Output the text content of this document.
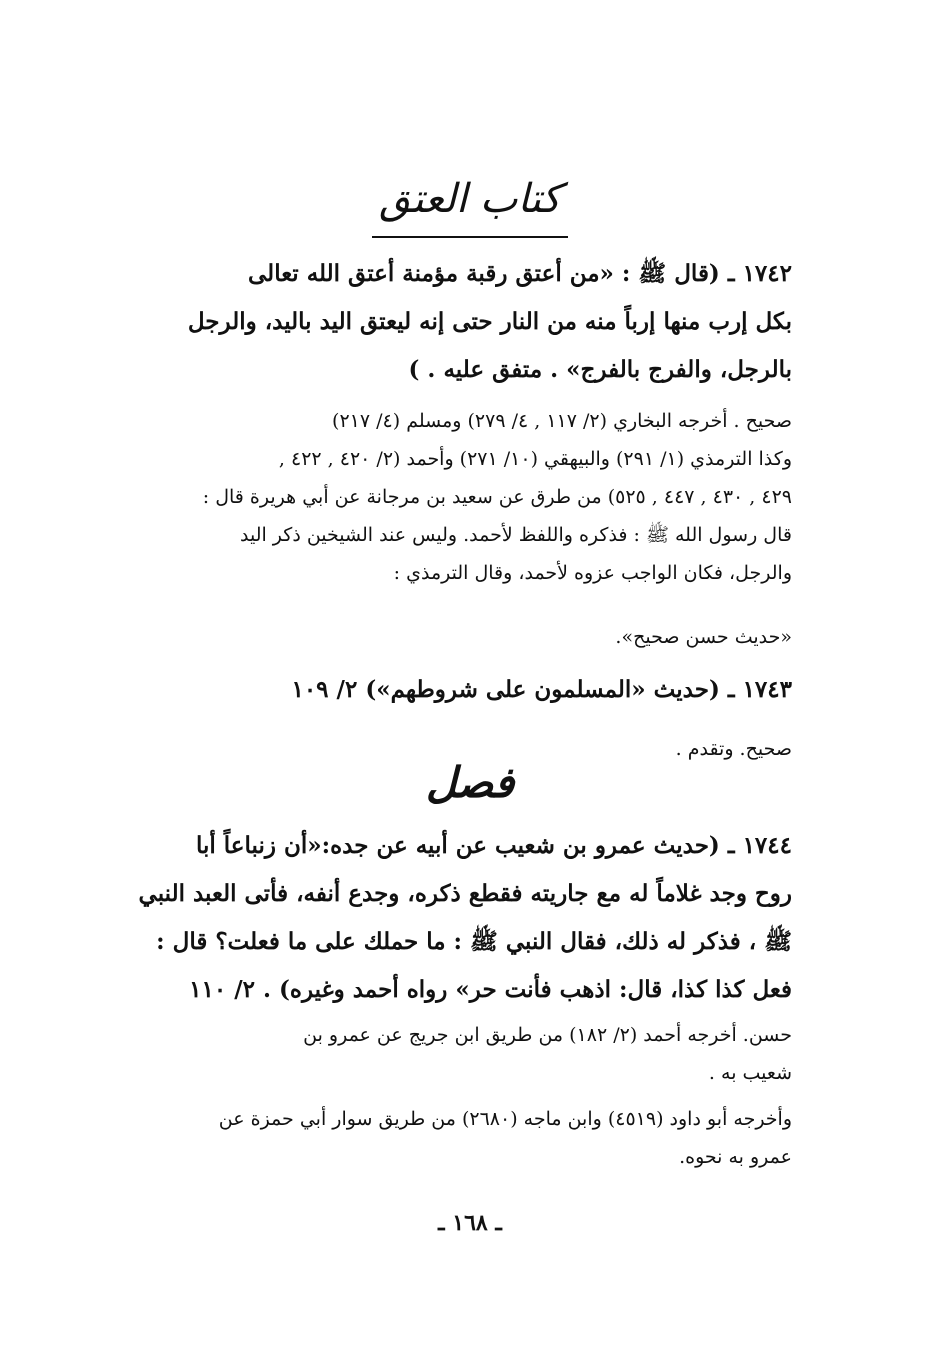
كتاب العتق
١٧٤٢ ـ (قال ﷺ : «من أعتق رقبة مؤمنة أعتق الله تعالى
بكل إرب منها إرباً منه من النار حتى إنه ليعتق اليد باليد، والرجل
بالرجل، والفرج بالفرج» . متفق عليه . )
صحيح . أخرجه البخاري (٢/ ١١٧ , ٤/ ٢٧٩) ومسلم (٤/ ٢١٧)
وكذا الترمذي (١/ ٢٩١) والبيهقي (١٠/ ٢٧١) وأحمد (٢/ ٤٢٠ , ٤٢٢ ,
٤٢٩ , ٤٣٠ , ٤٤٧ , ٥٢٥) من طرق عن سعيد بن مرجانة عن أبي هريرة قال :
قال رسول الله ﷺ : فذكره واللفظ لأحمد. وليس عند الشيخين ذكر اليد
والرجل، فكان الواجب عزوه لأحمد، وقال الترمذي :
«حديث حسن صحيح».
١٧٤٣ ـ (حديث «المسلمون على شروطهم») ٢/ ١٠٩
صحيح. وتقدم .
فصل
١٧٤٤ ـ (حديث عمرو بن شعيب عن أبيه عن جده:«أن زنباعاً أبا
روح وجد غلاماً له مع جاريته فقطع ذكره، وجدع أنفه، فأتى العبد النبي
ﷺ ، فذكر له ذلك، فقال النبي ﷺ : ما حملك على ما فعلت؟ قال :
فعل كذا كذا، قال: اذهب فأنت حر» رواه أحمد وغيره) . ٢/ ١١٠
حسن. أخرجه أحمد (٢/ ١٨٢) من طريق ابن جريج عن عمرو بن
شعيب به .
وأخرجه أبو داود (٤٥١٩) وابن ماجه (٢٦٨٠) من طريق سوار أبي حمزة عن
عمرو به نحوه.
ـ ١٦٨ ـ
